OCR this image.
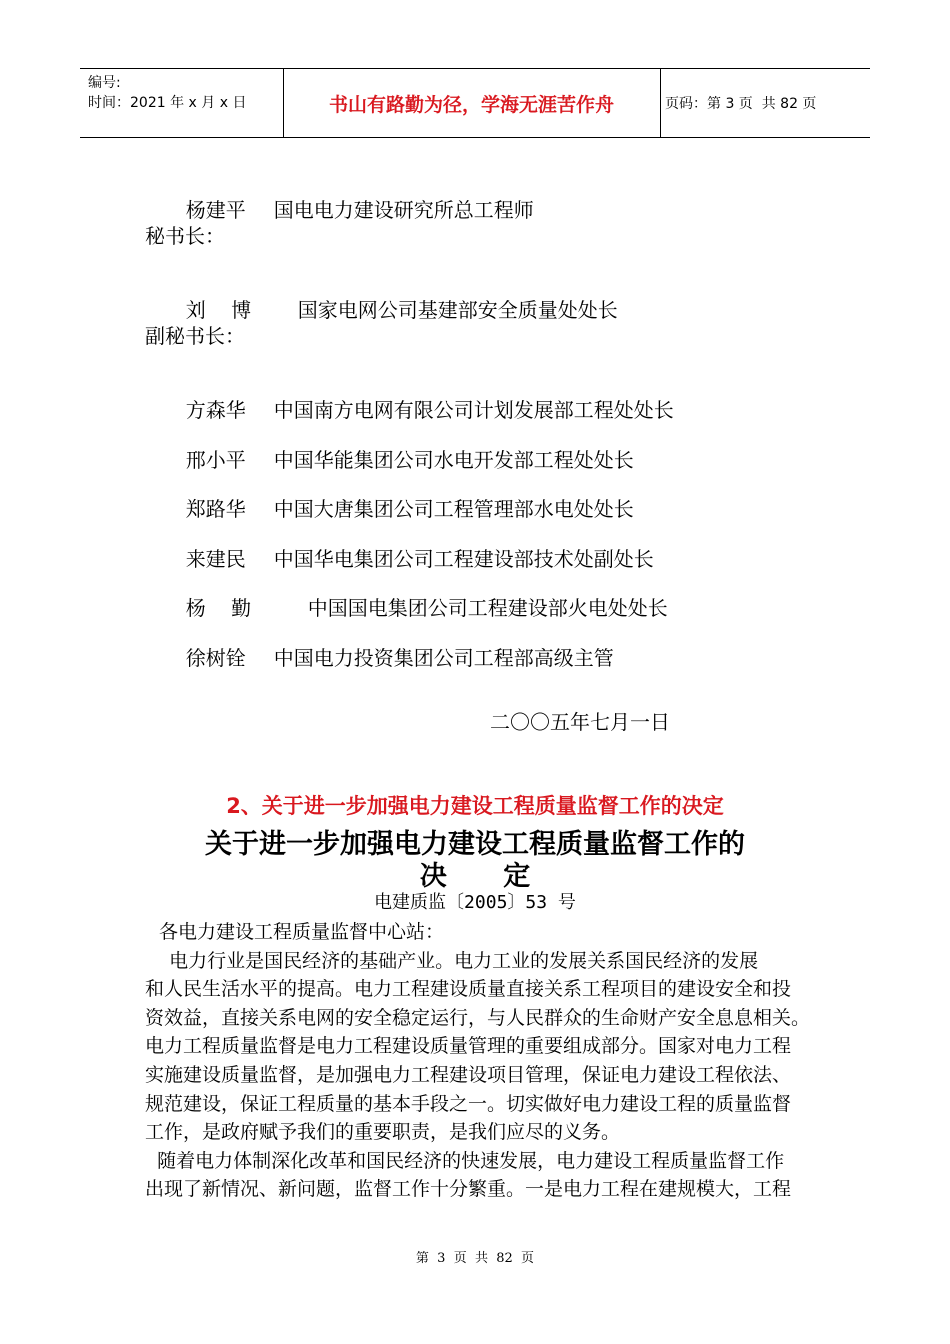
编号:
时间：2021 年 x 月 x 日	书山有路勤为径，学海无涯苦作舟	页码：第 3 页  共 82 页

杨建平 国电电力建设研究所总工程师

秘书长：

刘    博 国家电网公司基建部安全质量处处长

副秘书长：

方森华 中国南方电网有限公司计划发展部工程处处长

邢小平 中国华能集团公司水电开发部工程处处长

郑路华 中国大唐集团公司工程管理部水电处处长

来建民 中国华电集团公司工程建设部技术处副处长

杨    勤	中国国电集团公司工程建设部火电处处长

徐树铨 中国电力投资集团公司工程部高级主管

二〇〇五年七月一日
2、关于进一步加强电力建设工程质量监督工作的决定
关于进一步加强电力建设工程质量监督工作的
决      定
电建质监〔2005〕53 号

各电力建设工程质量监督中心站：

电力行业是国民经济的基础产业。电力工业的发展关系国民经济的发展

和人民生活水平的提高。电力工程建设质量直接关系工程项目的建设安全和投

资效益，直接关系电网的安全稳定运行，与人民群众的生命财产安全息息相关。

电力工程质量监督是电力工程建设质量管理的重要组成部分。国家对电力工程

实施建设质量监督，是加强电力工程建设项目管理，保证电力建设工程依法、

规范建设，保证工程质量的基本手段之一。切实做好电力建设工程的质量监督

工作，是政府赋予我们的重要职责，是我们应尽的义务。

随着电力体制深化改革和国民经济的快速发展，电力建设工程质量监督工作

出现了新情况、新问题，监督工作十分繁重。一是电力工程在建规模大，工程

第  3  页  共  82  页
